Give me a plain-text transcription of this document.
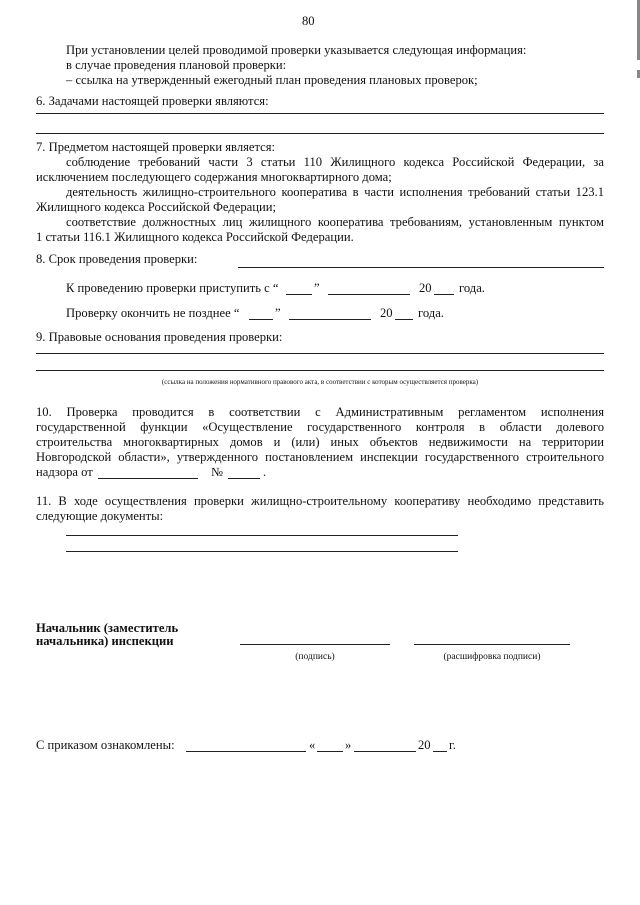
80
При установлении целей проводимой проверки указывается следующая информация:
в случае проведения плановой проверки:
– ссылка на утвержденный ежегодный план проведения плановых проверок;
6. Задачами настоящей проверки являются:
7. Предметом настоящей проверки является:
соблюдение требований части 3 статьи 110 Жилищного кодекса Российской Федерации, за
исключением последующего содержания многоквартирного дома;
деятельность жилищно-строительного кооператива в части исполнения требований статьи 123.1
Жилищного кодекса Российской Федерации;
соответствие должностных лиц жилищного кооператива требованиям, установленным пунктом
1 статьи 116.1 Жилищного кодекса Российской Федерации.
8. Срок проведения проверки:
К проведению проверки приступить с “	”	20 года.
Проверку окончить не позднее “	”	20 года.
9. Правовые основания проведения проверки:
(ссылка на положения нормативного правового акта, в соответствии с которым осуществляется проверка)
10. Проверка проводится в соответствии с Административным регламентом исполнения
государственной функции «Осуществление государственного контроля в области долевого
строительства многоквартирных домов и (или) иных объектов недвижимости на территории
Новгородской области», утвержденного постановлением инспекции государственного строительного
надзора от	№	.
11. В ходе осуществления проверки жилищно-строительному кооперативу необходимо представить
следующие документы:
Начальник (заместитель
начальника) инспекции
(подпись)	(расшифровка подписи)
С приказом ознакомлены:	« »	20 г.
